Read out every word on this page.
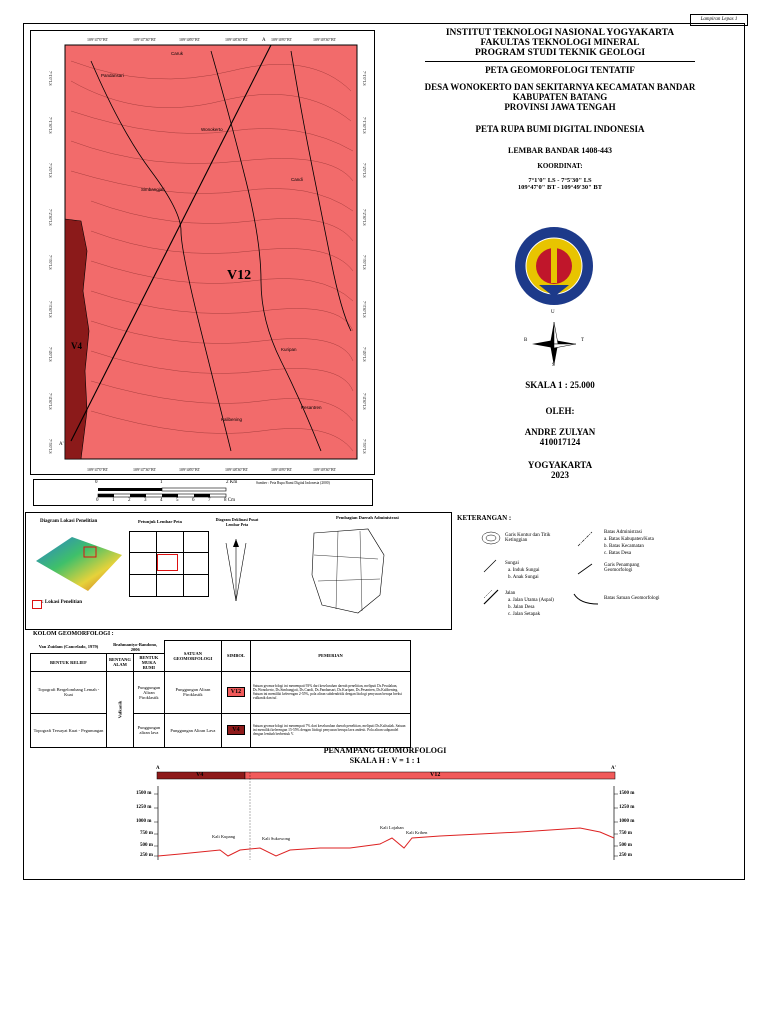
Lampiran Lepas 1
V12
V4
A
A'
109°47'0"BT	109°47'30"BT	109°48'0"BT	109°48'30"BT	109°49'0"BT	109°49'30"BT
109°47'0"BT	109°47'30"BT	109°48'0"BT	109°48'30"BT	109°49'0"BT	109°49'30"BT
7°1'0"LS
7°1'30"LS
7°2'0"LS
7°2'30"LS
7°3'0"LS
7°3'30"LS
7°4'0"LS
7°4'30"LS
7°5'0"LS
7°1'0"LS
7°1'30"LS
7°2'0"LS
7°2'30"LS
7°3'0"LS
7°3'30"LS
7°4'0"LS
7°4'30"LS
7°5'0"LS
Caruk
Pandansari
Wonokerto
Simbangjati
Candi
Kuripan
Kalibening
Pesantren
0	1	2 Km
0	1	2	3	4	5	6	7	8 Cm
Sumber : Peta Rupa Bumi Digital Indonesia (2000)
INSTITUT TEKNOLOGI NASIONAL YOGYAKARTA
FAKULTAS TEKNOLOGI MINERAL
PROGRAM STUDI TEKNIK GEOLOGI
PETA GEOMORFOLOGI TENTATIF
DESA WONOKERTO DAN SEKITARNYA KECAMATAN BANDAR
KABUPATEN BATANG
PROVINSI JAWA TENGAH
PETA RUPA BUMI DIGITAL INDONESIA
LEMBAR BANDAR 1408-443
KOORDINAT:
7°1'0" LS - 7°5'30" LS
109°47'0" BT - 109°49'30" BT
U
S
B	T
SKALA 1 : 25.000
OLEH:
ANDRE ZULYAN
410017124
YOGYAKARTA
2023
Diagram Lokasi Penelitian
: Lokasi Penelitian
Petunjuk Lembar Peta	Diagram Deklinasi Pusat Lembar Peta
Pembagian Daerah Administrasi	KETERANGAN :
Garis Kontur dan Titik Ketinggian
Sungai
a. Induk Sungai
b. Anak Sungai
Jalan
a. Jalan Utama (Aspal)
b. Jalan Desa
c. Jalan Setapak
Batas Administrasi
a. Batas Kabupaten/Kota
b. Batas Kecamatan
c. Batas Desa
Garis Penampang Geomorfologi
Batas Satuan Geomorfologi
KOLOM GEOMORFOLOGI :
Van Zuidam (Cancelado, 1979)	Brahmantyo-Bandono, 2006		SATUAN GEOMORFOLOGI	SIMBOL	PEMERIAN
BENTUK RELIEF	BENTANG ALAM	BENTUK MUKA BUMI			
Topografi Bergelombang Lemah - Kuat	Vulkanik	Punggungan Aliran Piroklastik	Punggungan Aliran Piroklastik	V12	Satuan geomorfologi ini menempati 93% dari keseluruhan daerah penelitian, meliputi Ds.Pesalakan, Ds.Wonokerto, Ds.Simbangjati, Ds.Candi, Ds.Pandansari, Ds.Kuripan, Ds.Pesantren, Ds.Kalibening. Satuan ini memiliki kelerengan 2-55%, pola aliran subdendritik dengan litologi penyusun berupa breksi vulkanik dan tuf.
Topografi Tersayat Kuat - Pegunungan		Punggungan aliran lava	Punggungan Aliran Lava	V4	Satuan geomorfologi ini menempati 7% dari keseluruhan daerah penelitian, meliputi Ds.Kalisalak. Satuan ini memiliki kelerengan 15-55% dengan litologi penyusun berupa lava andesit. Pola aliran subparalel dengan lembah berbentuk V.
PENAMPANG GEOMORFOLOGI
SKALA H : V = 1 : 1
A	A'
V4	V12
1500 m
1250 m
1000 m
750 m
500 m
250 m
1500 m
1250 m
1000 m
750 m
500 m
250 m
Kali Kupang	Kali Sukowong
Kali Lojahan
Kali Kriben
